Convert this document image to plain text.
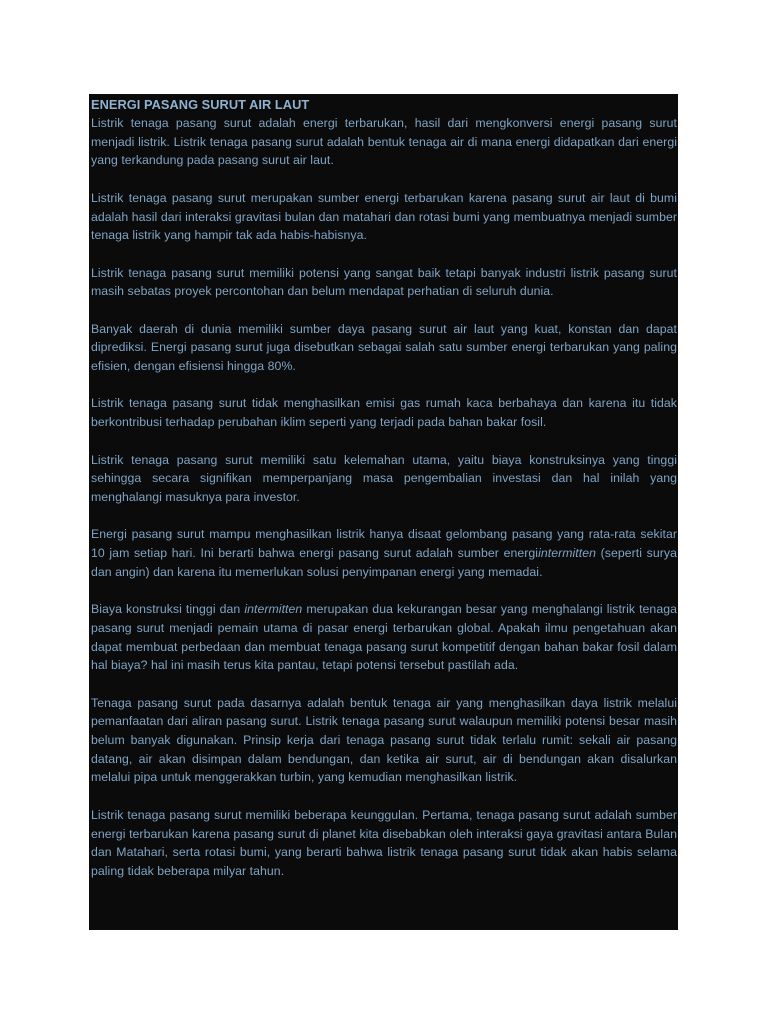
ENERGI PASANG SURUT AIR LAUT

Listrik tenaga pasang surut adalah energi terbarukan, hasil dari mengkonversi energi pasang surut menjadi listrik. Listrik tenaga pasang surut adalah bentuk tenaga air di mana energi didapatkan dari energi yang terkandung pada pasang surut air laut.

Listrik tenaga pasang surut merupakan sumber energi terbarukan karena pasang surut air laut di bumi adalah hasil dari interaksi gravitasi bulan dan matahari dan rotasi bumi yang membuatnya menjadi sumber tenaga listrik yang hampir tak ada habis-habisnya.

Listrik tenaga pasang surut memiliki potensi yang sangat baik tetapi banyak industri listrik pasang surut masih sebatas proyek percontohan dan belum mendapat perhatian di seluruh dunia.

Banyak daerah di dunia memiliki sumber daya pasang surut air laut yang kuat, konstan dan dapat diprediksi. Energi pasang surut juga disebutkan sebagai salah satu sumber energi terbarukan yang paling efisien, dengan efisiensi hingga 80%.

Listrik tenaga pasang surut tidak menghasilkan emisi gas rumah kaca berbahaya dan karena itu tidak berkontribusi terhadap perubahan iklim seperti yang terjadi pada bahan bakar fosil.

Listrik tenaga pasang surut memiliki satu kelemahan utama, yaitu biaya konstruksinya yang tinggi sehingga secara signifikan memperpanjang masa pengembalian investasi dan hal inilah yang menghalangi masuknya para investor.

Energi pasang surut mampu menghasilkan listrik hanya disaat gelombang pasang yang rata-rata sekitar 10 jam setiap hari. Ini berarti bahwa energi pasang surut adalah sumber energiintermitten (seperti surya dan angin) dan karena itu memerlukan solusi penyimpanan energi yang memadai.

Biaya konstruksi tinggi dan intermitten merupakan dua kekurangan besar yang menghalangi listrik tenaga pasang surut menjadi pemain utama di pasar energi terbarukan global. Apakah ilmu pengetahuan akan dapat membuat perbedaan dan membuat tenaga pasang surut kompetitif dengan bahan bakar fosil dalam hal biaya? hal ini masih terus kita pantau, tetapi potensi tersebut pastilah ada.

Tenaga pasang surut pada dasarnya adalah bentuk tenaga air yang menghasilkan daya listrik melalui pemanfaatan dari aliran pasang surut. Listrik tenaga pasang surut walaupun memiliki potensi besar masih belum banyak digunakan. Prinsip kerja dari tenaga pasang surut tidak terlalu rumit: sekali air pasang datang, air akan disimpan dalam bendungan, dan ketika air surut, air di bendungan akan disalurkan melalui pipa untuk menggerakkan turbin, yang kemudian menghasilkan listrik.

Listrik tenaga pasang surut memiliki beberapa keunggulan. Pertama, tenaga pasang surut adalah sumber energi terbarukan karena pasang surut di planet kita disebabkan oleh interaksi gaya gravitasi antara Bulan dan Matahari, serta rotasi bumi, yang berarti bahwa listrik tenaga pasang surut tidak akan habis selama paling tidak beberapa milyar tahun.
